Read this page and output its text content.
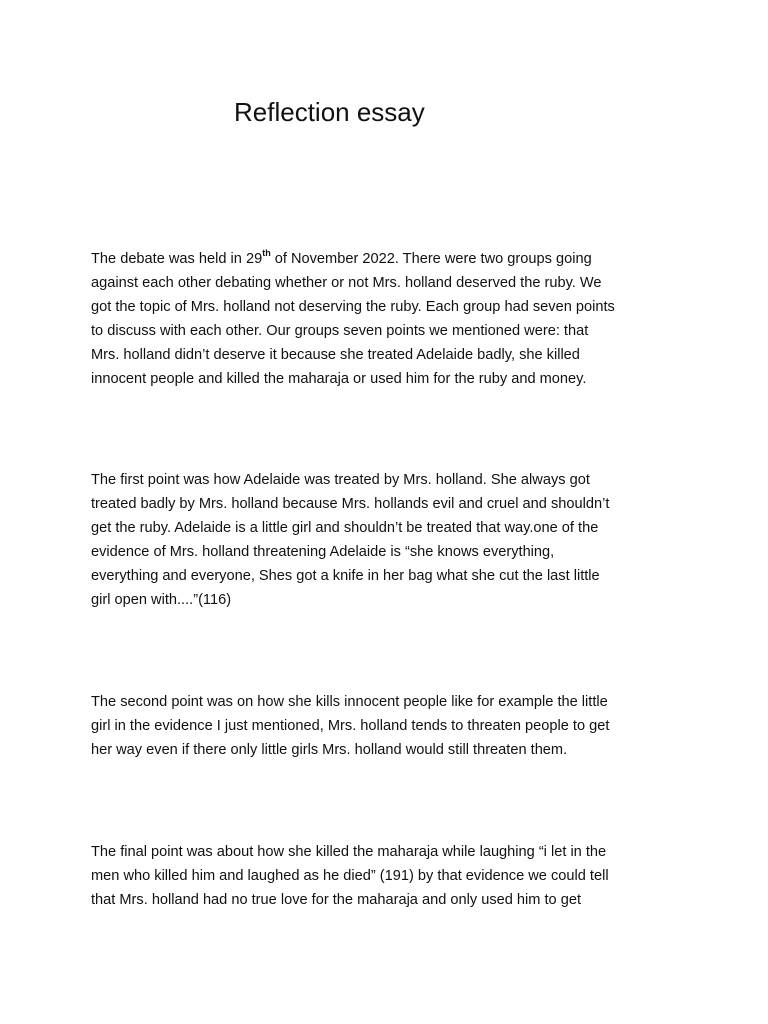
Reflection essay

The debate was held in 29th of November 2022. There were two groups going
against each other debating whether or not Mrs. holland deserved the ruby. We
got the topic of Mrs. holland not deserving the ruby. Each group had seven points
to discuss with each other. Our groups seven points we mentioned were: that
Mrs. holland didn’t deserve it because she treated Adelaide badly, she killed
innocent people and killed the maharaja or used him for the ruby and money.

The first point was how Adelaide was treated by Mrs. holland. She always got
treated badly by Mrs. holland because Mrs. hollands evil and cruel and shouldn’t
get the ruby. Adelaide is a little girl and shouldn’t be treated that way.one of the
evidence of Mrs. holland threatening Adelaide is “she knows everything,
everything and everyone, Shes got a knife in her bag what she cut the last little
girl open with....”(116)

The second point was on how she kills innocent people like for example the little
girl in the evidence I just mentioned, Mrs. holland tends to threaten people to get
her way even if there only little girls Mrs. holland would still threaten them.

The final point was about how she killed the maharaja while laughing “i let in the
men who killed him and laughed as he died” (191) by that evidence we could tell
that Mrs. holland had no true love for the maharaja and only used him to get
